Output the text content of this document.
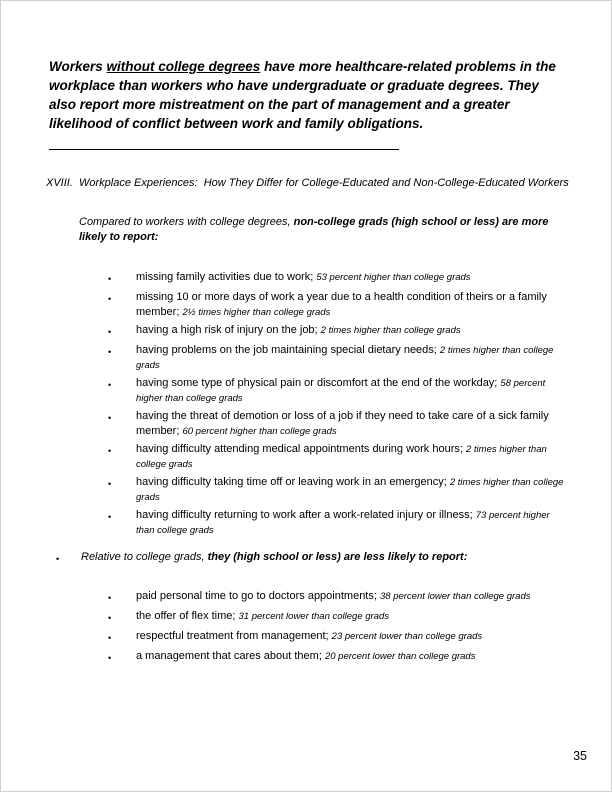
Workers without college degrees have more healthcare-related problems in the workplace than workers who have undergraduate or graduate degrees. They also report more mistreatment on the part of management and a greater likelihood of conflict between work and family obligations.

XVIII. Workplace Experiences:  How They Differ for College-Educated and Non-College-Educated Workers

Compared to workers with college degrees, non-college grads (high school or less) are more likely to report:

•	missing family activities due to work; 53 percent higher than college grads
•	missing 10 or more days of work a year due to a health condition of theirs or a family member; 2½ times higher than college grads
•	having a high risk of injury on the job; 2 times higher than college grads
•	having problems on the job maintaining special dietary needs; 2 times higher than college grads
•	having some type of physical pain or discomfort at the end of the workday; 58 percent higher than college grads
•	having the threat of demotion or loss of a job if they need to take care of a sick family member; 60 percent higher than college grads
•	having difficulty attending medical appointments during work hours; 2 times higher than college grads
•	having difficulty taking time off or leaving work in an emergency; 2 times higher than college grads
•	having difficulty returning to work after a work-related injury or illness; 73 percent higher than college grads
•	Relative to college grads, they (high school or less) are less likely to report:
•	paid personal time to go to doctors appointments; 38 percent lower than college grads
•	the offer of flex time; 31 percent lower than college grads
•	respectful treatment from management; 23 percent lower than college grads
•	a management that cares about them; 20 percent lower than college grads
35
